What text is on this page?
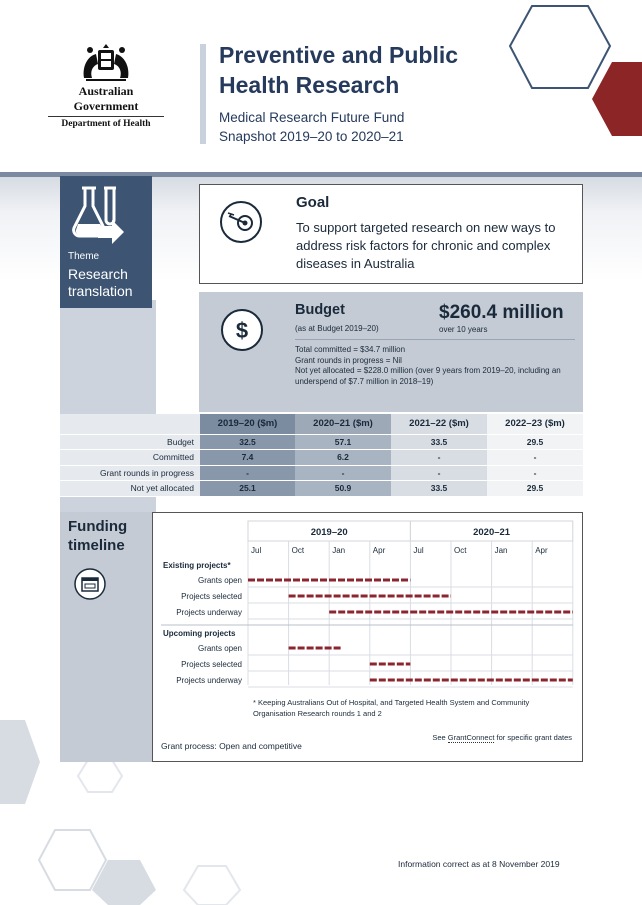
Australian Government
Department of Health
Preventive and Public Health Research
Medical Research Future Fund
Snapshot 2019–20 to 2020–21
Theme
Research translation
Goal
To support targeted research on new ways to address risk factors for chronic and complex diseases in Australia
$
Budget
(as at Budget 2019–20)
$260.4 million
over 10 years
Total committed = $34.7 million
Grant rounds in progress = Nil
Not yet allocated = $228.0 million (over 9 years from 2019–20, including an underspend of $7.7 million in 2018–19)
	2019–20 ($m)	2020–21 ($m)	2021–22 ($m)	2022–23 ($m)
Budget	32.5	57.1	33.5	29.5
Committed	7.4	6.2	-	-
Grant rounds in progress	-	-	-	-
Not yet allocated	25.1	50.9	33.5	29.5
Funding timeline
2019–20	2020–21
Jul	Oct	Jan	Apr	Jul	Oct	Jan	Apr
Existing projects*
Grants open
Projects selected
Projects underway
Upcoming projects
Grants open
Projects selected
Projects underway
* Keeping Australians Out of Hospital, and Targeted Health System and Community Organisation Research rounds 1 and 2
See GrantConnect for specific grant dates
Grant process: Open and competitive
Information correct as at 8 November 2019
